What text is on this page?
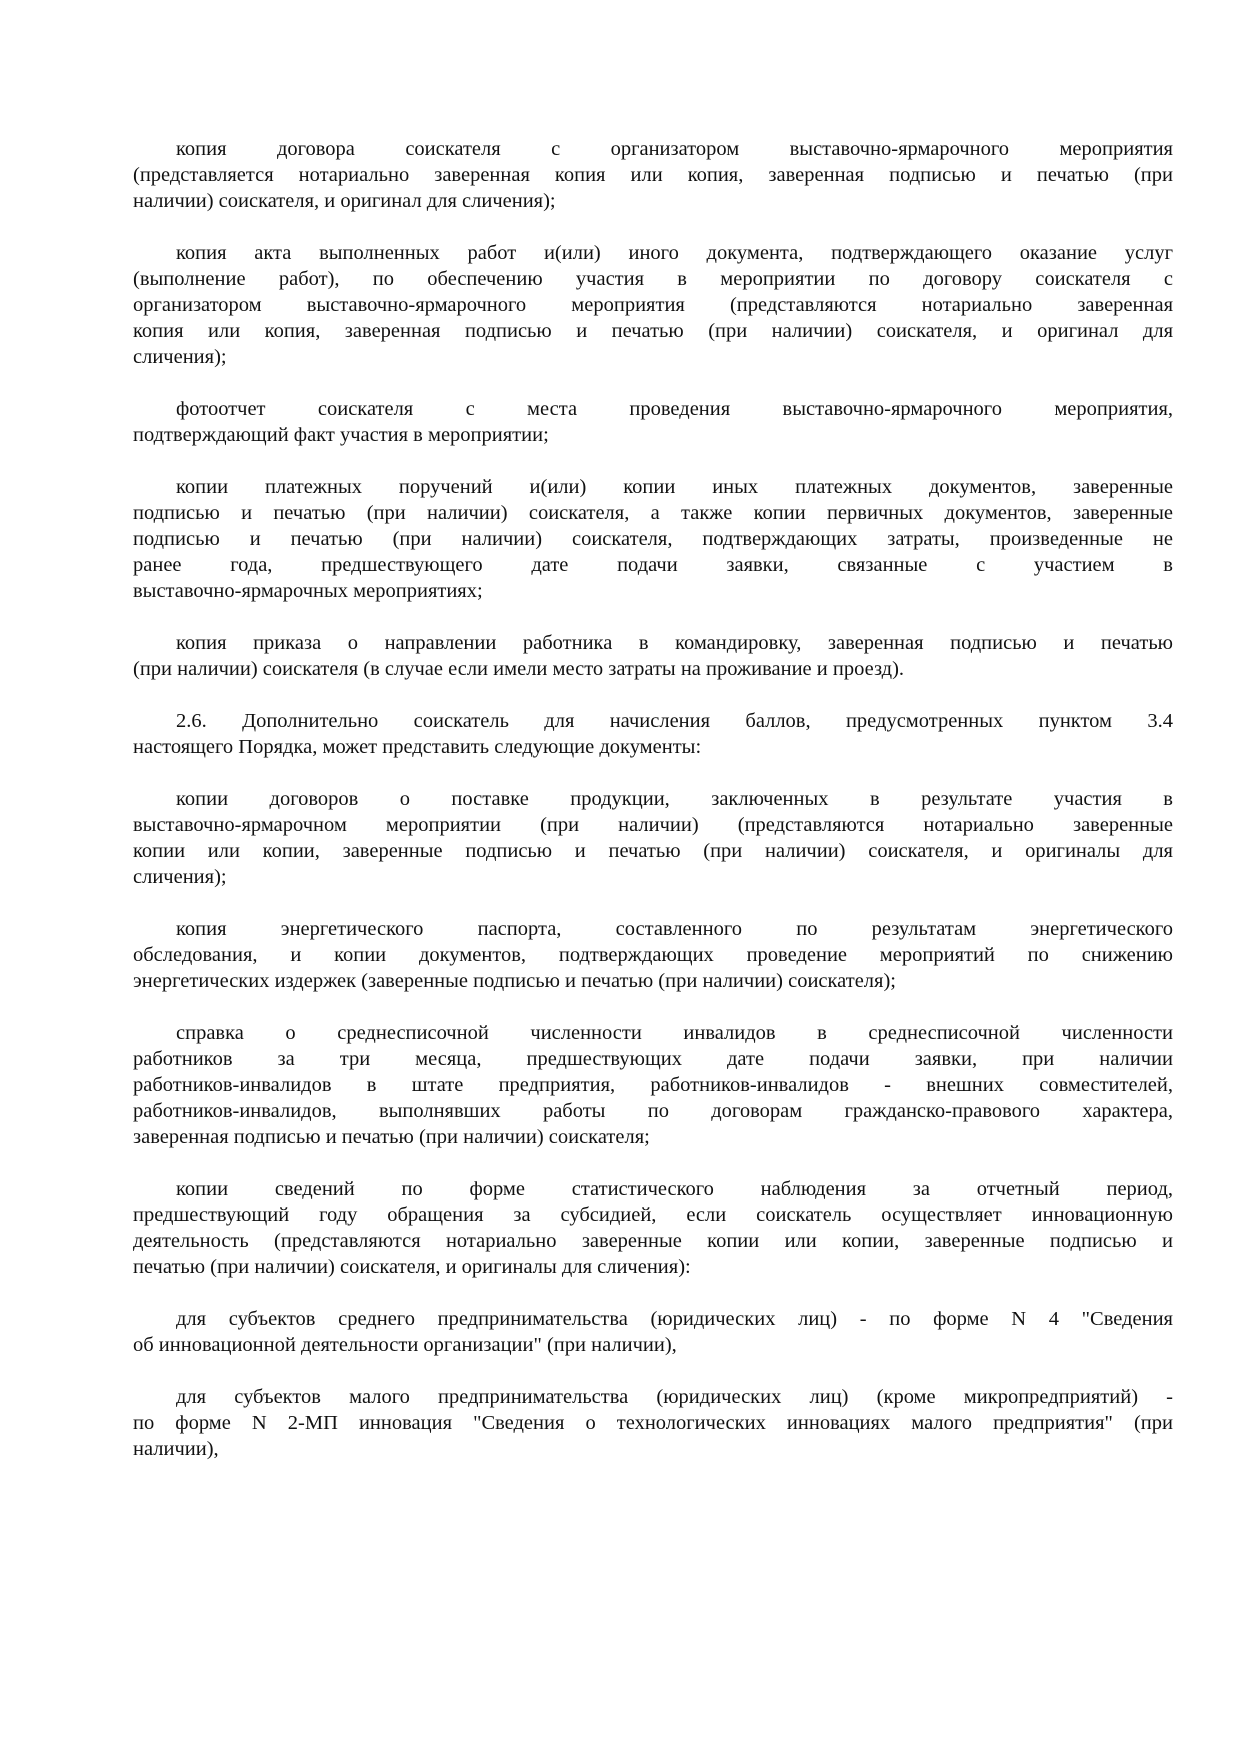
копия договора соискателя с организатором выставочно-ярмарочного мероприятия
(представляется нотариально заверенная копия или копия, заверенная подписью и печатью (при
наличии) соискателя, и оригинал для сличения);
копия акта выполненных работ и(или) иного документа, подтверждающего оказание услуг
(выполнение работ), по обеспечению участия в мероприятии по договору соискателя с
организатором выставочно-ярмарочного мероприятия (представляются нотариально заверенная
копия или копия, заверенная подписью и печатью (при наличии) соискателя, и оригинал для
сличения);
фотоотчет соискателя с места проведения выставочно-ярмарочного мероприятия,
подтверждающий факт участия в мероприятии;
копии платежных поручений и(или) копии иных платежных документов, заверенные
подписью и печатью (при наличии) соискателя, а также копии первичных документов, заверенные
подписью и печатью (при наличии) соискателя, подтверждающих затраты, произведенные не
ранее года, предшествующего дате подачи заявки, связанные с участием в
выставочно-ярмарочных мероприятиях;
копия приказа о направлении работника в командировку, заверенная подписью и печатью
(при наличии) соискателя (в случае если имели место затраты на проживание и проезд).
2.6. Дополнительно соискатель для начисления баллов, предусмотренных пунктом 3.4
настоящего Порядка, может представить следующие документы:
копии договоров о поставке продукции, заключенных в результате участия в
выставочно-ярмарочном мероприятии (при наличии) (представляются нотариально заверенные
копии или копии, заверенные подписью и печатью (при наличии) соискателя, и оригиналы для
сличения);
копия энергетического паспорта, составленного по результатам энергетического
обследования, и копии документов, подтверждающих проведение мероприятий по снижению
энергетических издержек (заверенные подписью и печатью (при наличии) соискателя);
справка о среднесписочной численности инвалидов в среднесписочной численности
работников за три месяца, предшествующих дате подачи заявки, при наличии
работников-инвалидов в штате предприятия, работников-инвалидов - внешних совместителей,
работников-инвалидов, выполнявших работы по договорам гражданско-правового характера,
заверенная подписью и печатью (при наличии) соискателя;
копии сведений по форме статистического наблюдения за отчетный период,
предшествующий году обращения за субсидией, если соискатель осуществляет инновационную
деятельность (представляются нотариально заверенные копии или копии, заверенные подписью и
печатью (при наличии) соискателя, и оригиналы для сличения):
для субъектов среднего предпринимательства (юридических лиц) - по форме N 4 "Сведения
об инновационной деятельности организации" (при наличии),
для субъектов малого предпринимательства (юридических лиц) (кроме микропредприятий) -
по форме N 2-МП инновация "Сведения о технологических инновациях малого предприятия" (при
наличии),
